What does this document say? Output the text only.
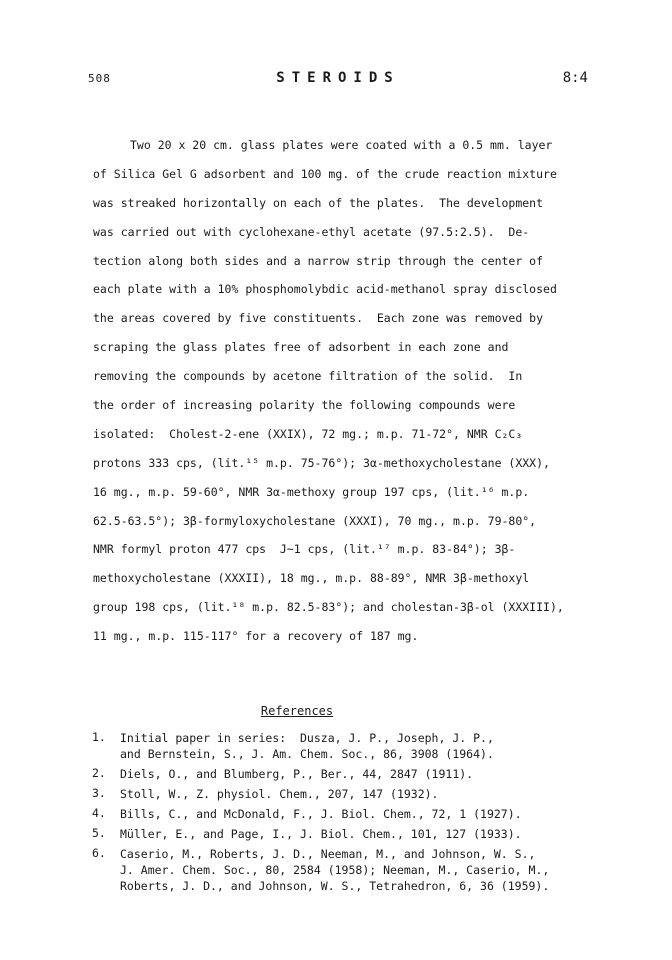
508	STEROIDS	8:4
Two 20 x 20 cm. glass plates were coated with a 0.5 mm. layer
of Silica Gel G adsorbent and 100 mg. of the crude reaction mixture
was streaked horizontally on each of the plates.  The development
was carried out with cyclohexane-ethyl acetate (97.5:2.5).  De-
tection along both sides and a narrow strip through the center of
each plate with a 10% phosphomolybdic acid-methanol spray disclosed
the areas covered by five constituents.  Each zone was removed by
scraping the glass plates free of adsorbent in each zone and
removing the compounds by acetone filtration of the solid.  In
the order of increasing polarity the following compounds were
isolated:  Cholest-2-ene (XXIX), 72 mg.; m.p. 71-72°, NMR C₂C₃
protons 333 cps, (lit.¹⁵ m.p. 75-76°); 3α-methoxycholestane (XXX),
16 mg., m.p. 59-60°, NMR 3α-methoxy group 197 cps, (lit.¹⁶ m.p.
62.5-63.5°); 3β-formyloxycholestane (XXXI), 70 mg., m.p. 79-80°,
NMR formyl proton 477 cps  J~1 cps, (lit.¹⁷ m.p. 83-84°); 3β-
methoxycholestane (XXXII), 18 mg., m.p. 88-89°, NMR 3β-methoxyl
group 198 cps, (lit.¹⁸ m.p. 82.5-83°); and cholestan-3β-ol (XXXIII),
11 mg., m.p. 115-117° for a recovery of 187 mg.
References
1. Initial paper in series:  Dusza, J. P., Joseph, J. P.,
and Bernstein, S., J. Am. Chem. Soc., 86, 3908 (1964).
2. Diels, O., and Blumberg, P., Ber., 44, 2847 (1911).
3. Stoll, W., Z. physiol. Chem., 207, 147 (1932).
4. Bills, C., and McDonald, F., J. Biol. Chem., 72, 1 (1927).
5. Müller, E., and Page, I., J. Biol. Chem., 101, 127 (1933).
6. Caserio, M., Roberts, J. D., Neeman, M., and Johnson, W. S.,
J. Amer. Chem. Soc., 80, 2584 (1958); Neeman, M., Caserio, M.,
Roberts, J. D., and Johnson, W. S., Tetrahedron, 6, 36 (1959).
